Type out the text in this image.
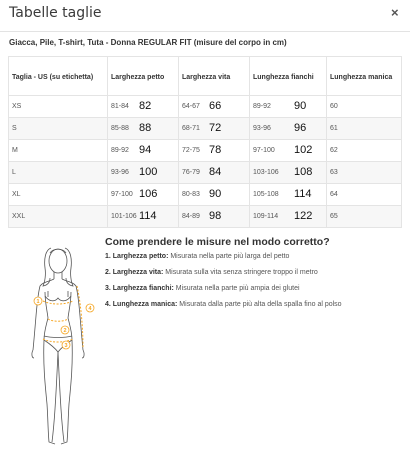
Tabelle taglie	×
Giacca, Pile, T-shirt, Tuta - Donna REGULAR FIT (misure del corpo in cm)
Taglia - US (su etichetta)	Larghezza petto	Larghezza vita	Lunghezza fianchi	Lunghezza manica
XS	81-84 82	64-67 66	89-92 90	60
S	85-88 88	68-71 72	93-96 96	61
M	89-92 94	72-75 78	97-100 102	62
L	93-96 100	76-79 84	103-106 108	63
XL	97-100 106	80-83 90	105-108 114	64
XXL	101-106 114	84-89 98	109-114 122	65
Come prendere le misure nel modo corretto?
1. Larghezza petto: Misurata nella parte più larga del petto
2. Larghezza vita: Misurata sulla vita senza stringere troppo il metro
3. Larghezza fianchi: Misurata nella parte più ampia dei glutei
4. Lunghezza manica: Misurata dalla parte più alta della spalla fino al polso
1
2
3
4
